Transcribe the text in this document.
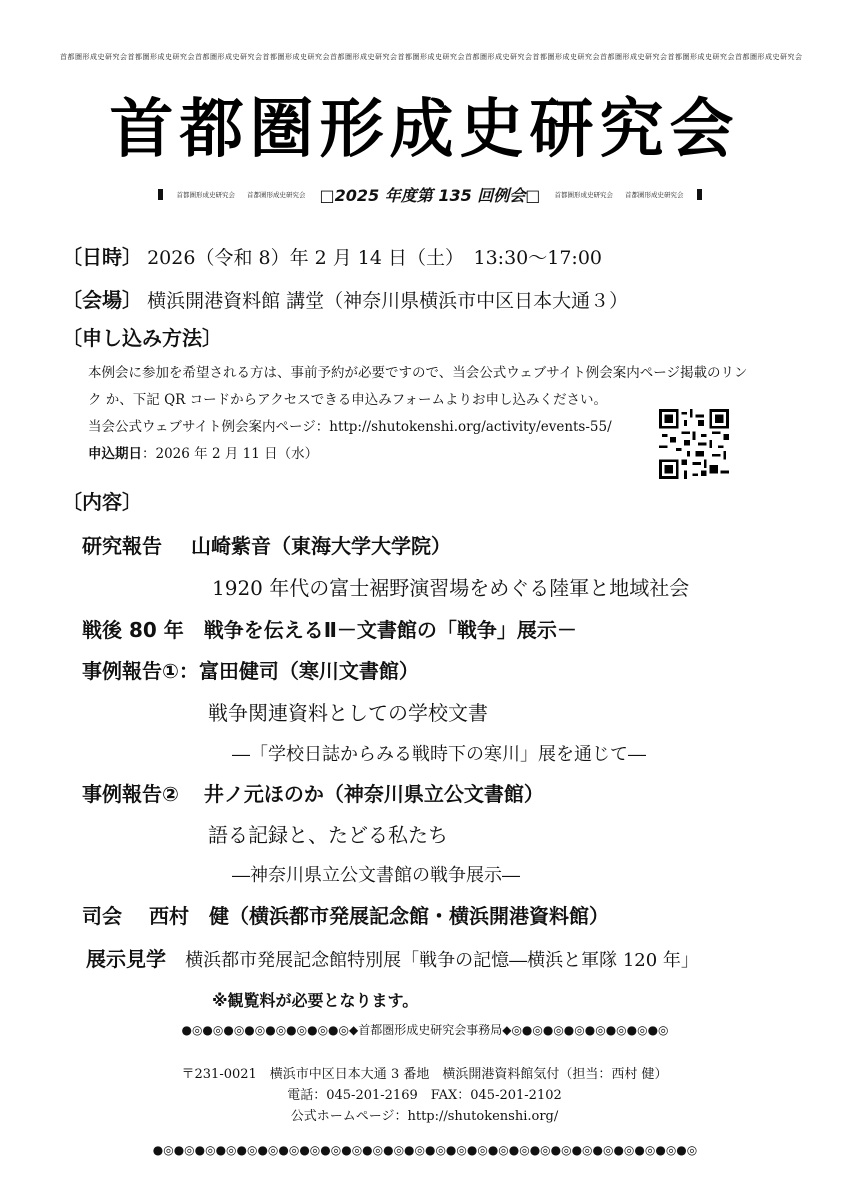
首都圏形成史研究会 首都圏形成史研究会 首都圏形成史研究会 首都圏形成史研究会 首都圏形成史研究会 首都圏形成史研究会 首都圏形成史研究会 首都圏形成史研究会 首都圏形成史研究会 首都圏形成史研究会 首都圏形成史研究会
首都圏形成史研究会
首都圏形成史研究会 首都圏形成史研究会 □2025 年度第 135 回例会□ 首都圏形成史研究会 首都圏形成史研究会
〔日時〕 2026（令和 8）年 2 月 14 日（土）　13:30～17:00
〔会場〕 横浜開港資料館 講堂（神奈川県横浜市中区日本大通３）
〔申し込み方法〕
本例会に参加を希望される方は、事前予約が必要ですので、当会公式ウェブサイト例会案内ページ掲載のリン
ク か、下記 QR コードからアクセスできる申込みフォームよりお申し込みください。
当会公式ウェブサイト例会案内ページ：http://shutokenshi.org/activity/events-55/
申込期日：2026 年 2 月 11 日（水）
〔内容〕
研究報告 山崎紫音（東海大学大学院）
1920 年代の富士裾野演習場をめぐる陸軍と地域社会
戦後 80 年　戦争を伝えるⅡ－文書館の「戦争」展示－
事例報告①：富田健司（寒川文書館）
戦争関連資料としての学校文書
―「学校日誌からみる戦時下の寒川」展を通じて―
事例報告② 井ノ元ほのか（神奈川県立公文書館）
語る記録と、たどる私たち
―神奈川県立公文書館の戦争展示―
司会 西村　健（横浜都市発展記念館・横浜開港資料館）
展示見学 横浜都市発展記念館特別展「戦争の記憶―横浜と軍隊 120 年」
※観覧料が必要となります。
●◎●◎●◎●◎●◎●◎●◎●◎◆首都圏形成史研究会事務局◆◎●◎●◎●◎●◎●◎●◎●◎
〒231-0021　横浜市中区日本大通 3 番地　横浜開港資料館気付（担当：西村 健）
電話：045-201-2169　FAX：045-201-2102
公式ホームページ：http://shutokenshi.org/
●◎●◎●◎●◎●◎●◎●◎●◎●◎●◎●◎●◎●◎●◎●◎●◎●◎●◎●◎●◎●◎●◎●◎●◎●◎●◎
